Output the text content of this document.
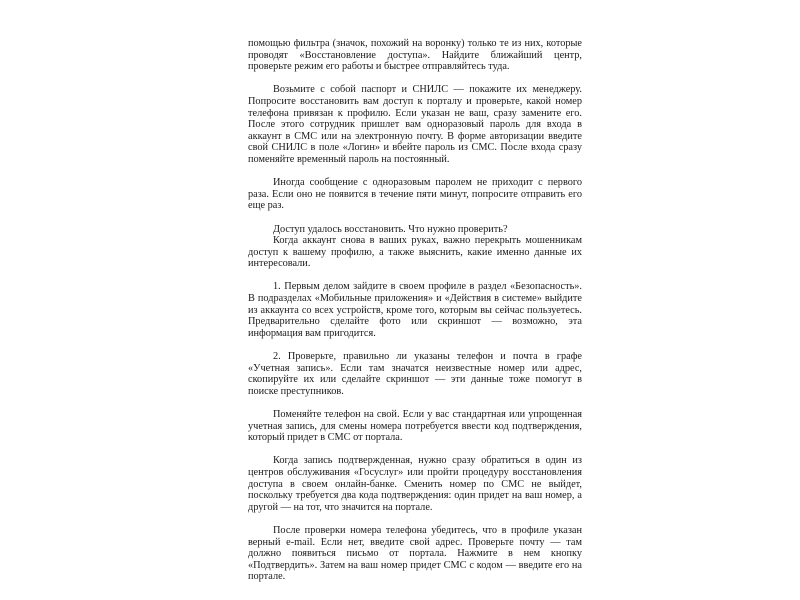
помощью фильтра (значок, похожий на воронку) только те из них, которые проводят «Восстановление доступа». Найдите ближайший центр, проверьте режим его работы и быстрее отправляйтесь туда.

Возьмите с собой паспорт и СНИЛС — покажите их менеджеру. Попросите восстановить вам доступ к порталу и проверьте, какой номер телефона привязан к профилю. Если указан не ваш, сразу замените его. После этого сотрудник пришлет вам одноразовый пароль для входа в аккаунт в СМС или на электронную почту. В форме авторизации введите свой СНИЛС в поле «Логин» и вбейте пароль из СМС. После входа сразу поменяйте временный пароль на постоянный.

Иногда сообщение с одноразовым паролем не приходит с первого раза. Если оно не появится в течение пяти минут, попросите отправить его еще раз.

Доступ удалось восстановить. Что нужно проверить?

Когда аккаунт снова в ваших руках, важно перекрыть мошенникам доступ к вашему профилю, а также выяснить, какие именно данные их интересовали.

1. Первым делом зайдите в своем профиле в раздел «Безопасность». В подразделах «Мобильные приложения» и «Действия в системе» выйдите из аккаунта со всех устройств, кроме того, которым вы сейчас пользуетесь. Предварительно сделайте фото или скриншот — возможно, эта информация вам пригодится.

2. Проверьте, правильно ли указаны телефон и почта в графе «Учетная запись». Если там значатся неизвестные номер или адрес, скопируйте их или сделайте скриншот — эти данные тоже помогут в поиске преступников.

Поменяйте телефон на свой. Если у вас стандартная или упрощенная учетная запись, для смены номера потребуется ввести код подтверждения, который придет в СМС от портала.

Когда запись подтвержденная, нужно сразу обратиться в один из центров обслуживания «Госуслуг» или пройти процедуру восстановления доступа в своем онлайн-банке. Сменить номер по СМС не выйдет, поскольку требуется два кода подтверждения: один придет на ваш номер, а другой — на тот, что значится на портале.

После проверки номера телефона убедитесь, что в профиле указан верный e-mail. Если нет, введите свой адрес. Проверьте почту — там должно появиться письмо от портала. Нажмите в нем кнопку «Подтвердить». Затем на ваш номер придет СМС с кодом — введите его на портале.
